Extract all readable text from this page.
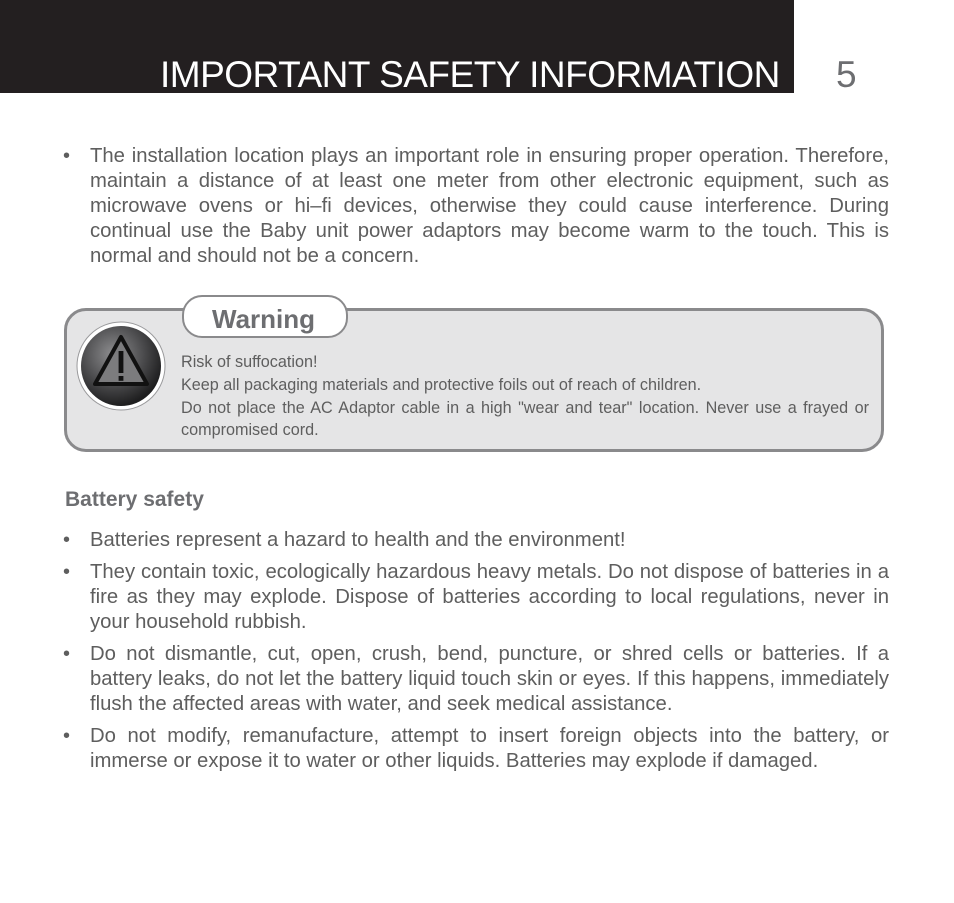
IMPORTANT SAFETY INFORMATION 5
• The installation location plays an important role in ensuring proper operation. Therefore, maintain a distance of at least one meter from other electronic equipment, such as microwave ovens or hi–fi devices, otherwise they could cause interference. During continual use the Baby unit power adaptors may become warm to the touch. This is normal and should not be a concern.
Warning

Risk of suffocation!

Keep all packaging materials and protective foils out of reach of children.

Do not place the AC Adaptor cable in a high "wear and tear" location. Never use a frayed or compromised cord.

Battery safety
• Batteries represent a hazard to health and the environment!
• They contain toxic, ecologically hazardous heavy metals. Do not dispose of batteries in a fire as they may explode. Dispose of batteries according to local regulations, never in your household rubbish.
• Do not dismantle, cut, open, crush, bend, puncture, or shred cells or batteries. If a battery leaks, do not let the battery liquid touch skin or eyes. If this happens, immediately flush the affected areas with water, and seek medical assistance.
• Do not modify, remanufacture, attempt to insert foreign objects into the battery, or immerse or expose it to water or other liquids. Batteries may explode if damaged.
